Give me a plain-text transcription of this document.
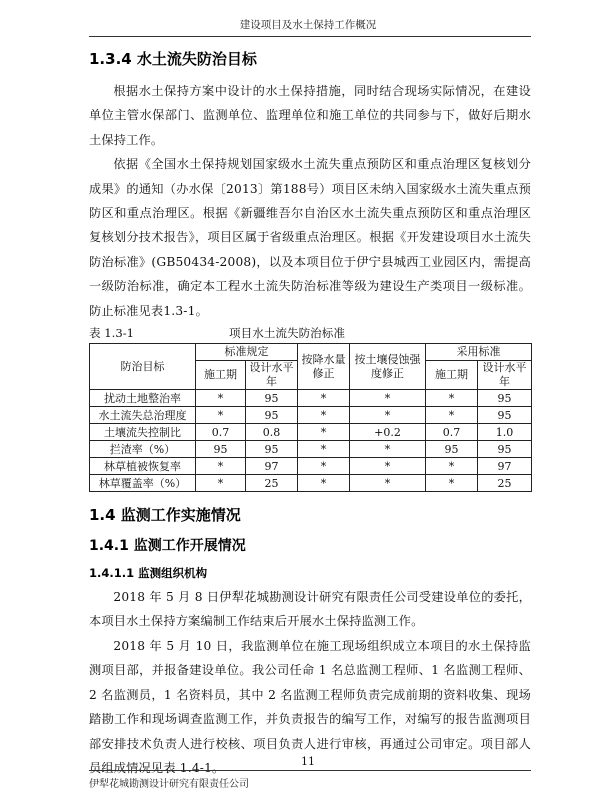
建设项目及水土保持工作概况
1.3.4 水土流失防治目标

根据水土保持方案中设计的水土保持措施，同时结合现场实际情况，在建设单位主管水保部门、监测单位、监理单位和施工单位的共同参与下，做好后期水土保持工作。

依据《全国水土保持规划国家级水土流失重点预防区和重点治理区复核划分成果》的通知（办水保〔2013〕第188号）项目区未纳入国家级水土流失重点预防区和重点治理区。根据《新疆维吾尔自治区水土流失重点预防区和重点治理区复核划分技术报告》，项目区属于省级重点治理区。根据《开发建设项目水土流失防治标准》(GB50434-2008)，以及本项目位于伊宁县城西工业园区内，需提高一级防治标准，确定本工程水土流失防治标准等级为建设生产类项目一级标准。防止标准见表1.3-1。

表 1.3-1	项目水土流失防治标准
防治目标	标准规定		按降水量修正	按土壤侵蚀强度修正	采用标准	
	施工期	设计水平年			施工期	设计水平年
扰动土地整治率	*	95	*	*	*	95
水土流失总治理度	*	95	*	*	*	95
土壤流失控制比	0.7	0.8	*	+0.2	0.7	1.0
拦渣率（%）	95	95	*	*	95	95
林草植被恢复率	*	97	*	*	*	97
林草覆盖率（%）	*	25	*	*	*	25
1.4 监测工作实施情况
1.4.1 监测工作开展情况
1.4.1.1 监测组织机构

2018 年 5 月 8 日伊犁花城勘测设计研究有限责任公司受建设单位的委托，本项目水土保持方案编制工作结束后开展水土保持监测工作。

2018 年 5 月 10 日，我监测单位在施工现场组织成立本项目的水土保持监测项目部，并报备建设单位。我公司任命 1 名总监测工程师、1 名监测工程师、2 名监测员，1 名资料员，其中 2 名监测工程师负责完成前期的资料收集、现场踏勘工作和现场调查监测工作，并负责报告的编写工作，对编写的报告监测项目部安排技术负责人进行校核、项目负责人进行审核，再通过公司审定。项目部人员组成情况见表 1.4-1。	11
伊犁花城勘测设计研究有限责任公司
